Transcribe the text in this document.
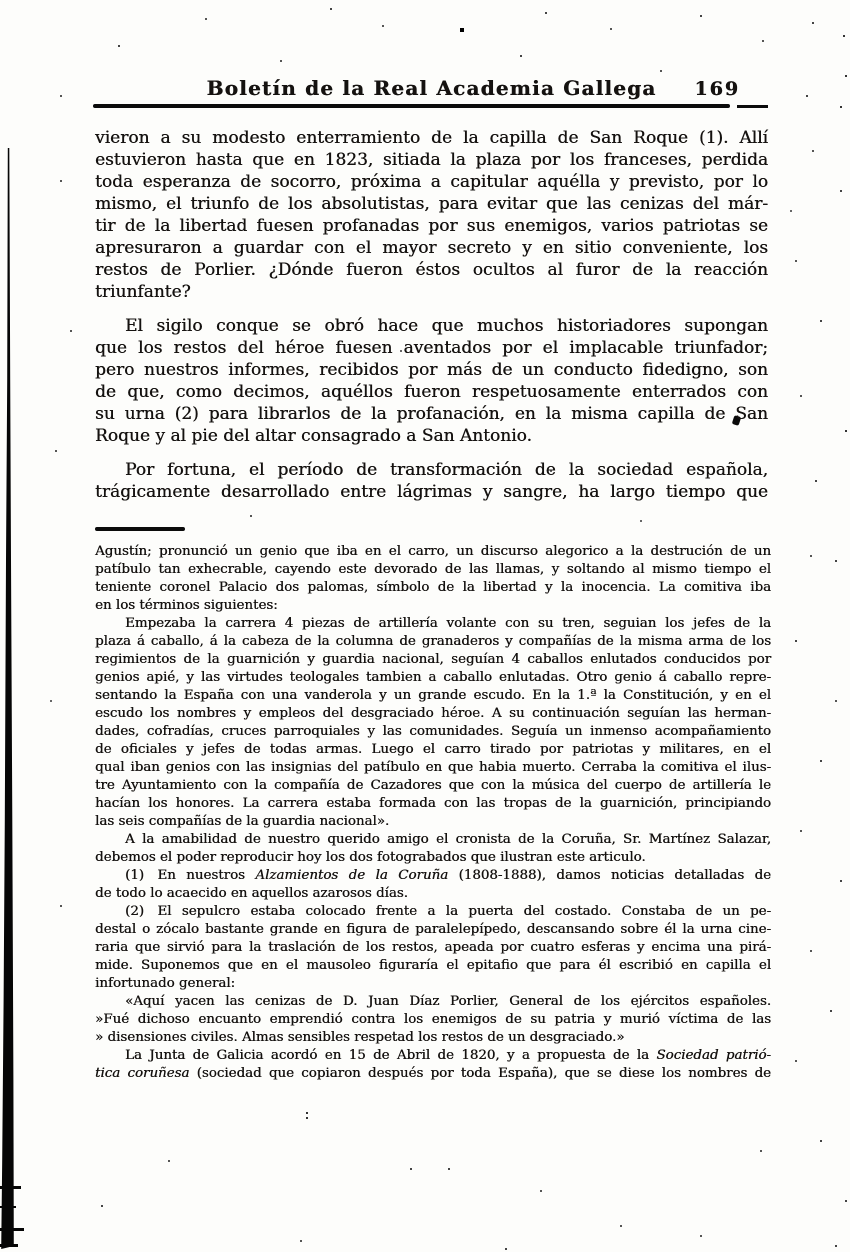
Boletín de la Real Academia Gallega	169
vieron a su modesto enterramiento de la capilla de San Roque (1). Allí
estuvieron hasta que en 1823, sitiada la plaza por los franceses, perdida
toda esperanza de socorro, próxima a capitular aquélla y previsto, por lo
mismo, el triunfo de los absolutistas, para evitar que las cenizas del már-
tir de la libertad fuesen profanadas por sus enemigos, varios patriotas se
apresuraron a guardar con el mayor secreto y en sitio conveniente, los
restos de Porlier. ¿Dónde fueron éstos ocultos al furor de la reacción
triunfante?
El sigilo conque se obró hace que muchos historiadores supongan
que los restos del héroe fuesen aventados por el implacable triunfador;
pero nuestros informes, recibidos por más de un conducto fidedigno, son
de que, como decimos, aquéllos fueron respetuosamente enterrados con
su urna (2) para librarlos de la profanación, en la misma capilla de San
Roque y al pie del altar consagrado a San Antonio.
Por fortuna, el período de transformación de la sociedad española,
trágicamente desarrollado entre lágrimas y sangre, ha largo tiempo que
Agustín; pronunció un genio que iba en el carro, un discurso alegorico a la destrución de un
patíbulo tan exhecrable, cayendo este devorado de las llamas, y soltando al mismo tiempo el
teniente coronel Palacio dos palomas, símbolo de la libertad y la inocencia. La comitiva iba
en los términos siguientes:
Empezaba la carrera 4 piezas de artillería volante con su tren, seguian los jefes de la
plaza á caballo, á la cabeza de la columna de granaderos y compañías de la misma arma de los
regimientos de la guarnición y guardia nacional, seguían 4 caballos enlutados conducidos por
genios apié, y las virtudes teologales tambien a caballo enlutadas. Otro genio á caballo repre-
sentando la España con una vanderola y un grande escudo. En la 1.ª la Constitución, y en el
escudo los nombres y empleos del desgraciado héroe. A su continuación seguían las herman-
dades, cofradías, cruces parroquiales y las comunidades. Seguía un inmenso acompañamiento
de oficiales y jefes de todas armas. Luego el carro tirado por patriotas y militares, en el
qual iban genios con las insignias del patíbulo en que habia muerto. Cerraba la comitiva el ilus-
tre Ayuntamiento con la compañía de Cazadores que con la música del cuerpo de artillería le
hacían los honores. La carrera estaba formada con las tropas de la guarnición, principiando
las seis compañías de la guardia nacional».
A la amabilidad de nuestro querido amigo el cronista de la Coruña, Sr. Martínez Salazar,
debemos el poder reproducir hoy los dos fotograbados que ilustran este articulo.
(1)  En nuestros Alzamientos de la Coruña (1808-1888), damos noticias detalladas de
de todo lo acaecido en aquellos azarosos días.
(2)  El sepulcro estaba colocado frente a la puerta del costado. Constaba de un pe-
destal o zócalo bastante grande en figura de paralelepípedo, descansando sobre él la urna cine-
raria que sirvió para la traslación de los restos, apeada por cuatro esferas y encima una pirá-
mide. Suponemos que en el mausoleo figuraría el epitafio que para él escribió en capilla el
infortunado general:
«Aquí yacen las cenizas de D. Juan Díaz Porlier, General de los ejércitos españoles.
»Fué dichoso encuanto emprendió contra los enemigos de su patria y murió víctima de las
» disensiones civiles. Almas sensibles respetad los restos de un desgraciado.»
La Junta de Galicia acordó en 15 de Abril de 1820, y a propuesta de la Sociedad patrió-
tica coruñesa (sociedad que copiaron después por toda España), que se diese los nombres de
